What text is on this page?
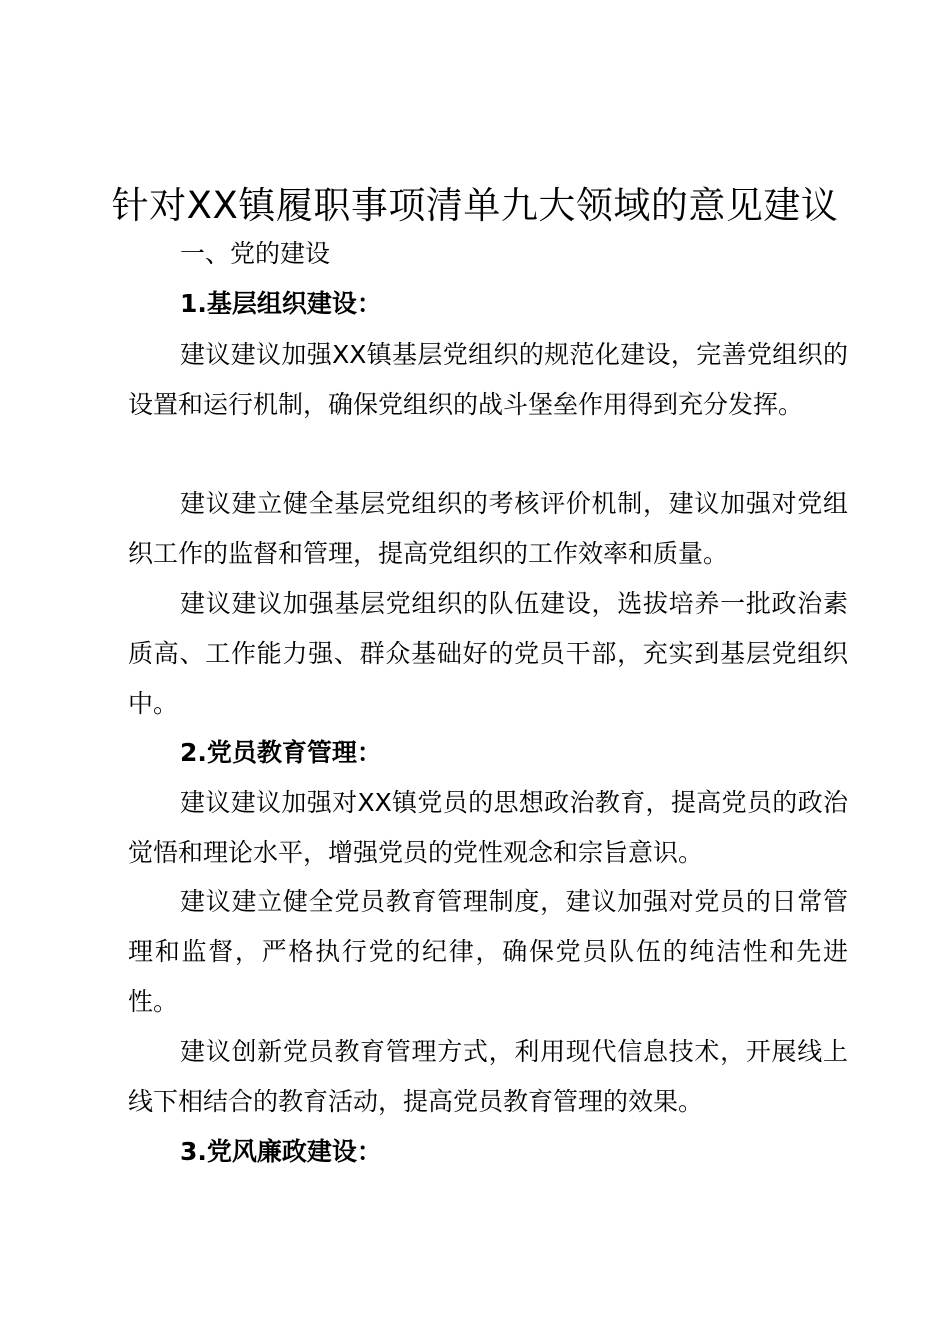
针对XX镇履职事项清单九大领域的意见建议

一、党的建设

1.基层组织建设：

建议建议加强XX镇基层党组织的规范化建设，完善党组织的设置和运行机制，确保党组织的战斗堡垒作用得到充分发挥。

建议建立健全基层党组织的考核评价机制，建议加强对党组织工作的监督和管理，提高党组织的工作效率和质量。

建议建议加强基层党组织的队伍建设，选拔培养一批政治素质高、工作能力强、群众基础好的党员干部，充实到基层党组织中。

2.党员教育管理：

建议建议加强对XX镇党员的思想政治教育，提高党员的政治觉悟和理论水平，增强党员的党性观念和宗旨意识。

建议建立健全党员教育管理制度，建议加强对党员的日常管理和监督，严格执行党的纪律，确保党员队伍的纯洁性和先进性。

建议创新党员教育管理方式，利用现代信息技术，开展线上线下相结合的教育活动，提高党员教育管理的效果。

3.党风廉政建设：
